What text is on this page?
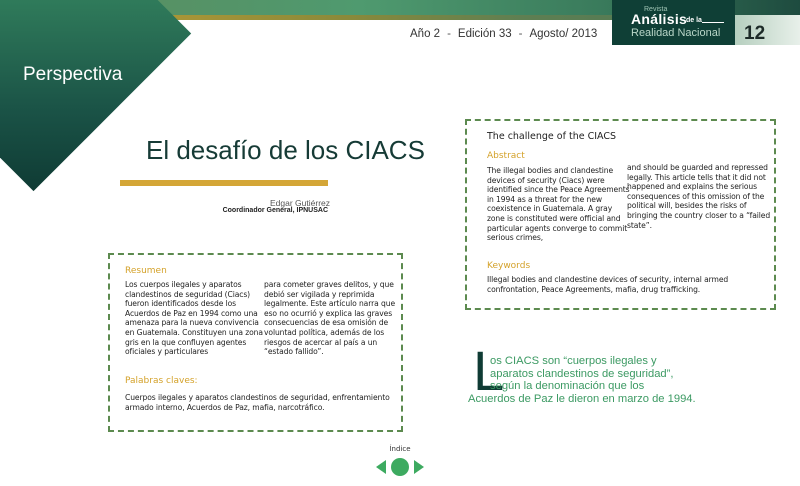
Perspectiva
Año 2 - Edición 33 - Agosto/ 2013
Revista
Análisis
de la
Realidad Nacional 12
El desafío de los CIACS
Edgar Gutiérrez
Coordinador General, IPNUSAC
Resumen
Los cuerpos ilegales y aparatos clandestinos de seguridad (Ciacs) fueron identificados desde los Acuerdos de Paz en 1994 como una amenaza para la nueva convivencia en Guatemala. Constituyen una zona gris en la que confluyen agentes oficiales y particulares
para cometer graves delitos, y que debió ser vigilada y reprimida legalmente. Este artículo narra que eso no ocurrió y explica las graves consecuencias de esa omisión de voluntad política, además de los riesgos de acercar al país a un “estado fallido”.
Palabras claves:
Cuerpos ilegales y aparatos clandestinos de seguridad, enfrentamiento armado interno, Acuerdos de Paz, mafia, narcotráfico.
The challenge of the CIACS
Abstract
The illegal bodies and clandestine devices of security (Ciacs) were identified since the Peace Agreements in 1994 as a threat for the new coexistence in Guatemala. A gray zone is constituted were official and particular agents converge to commit serious crimes,
and should be guarded and repressed legally. This article tells that it did not happened and explains the serious consequences of this omission of the political will, besides the risks of bringing the country closer to a “failed state”.
Keywords
Illegal bodies and clandestine devices of security, internal armed confrontation, Peace Agreements, mafia, drug trafficking.
L
os CIACS son “cuerpos ilegales y
aparatos clandestinos de seguridad”,
según la denominación que los
Acuerdos de Paz le dieron en marzo de 1994.
Índice
